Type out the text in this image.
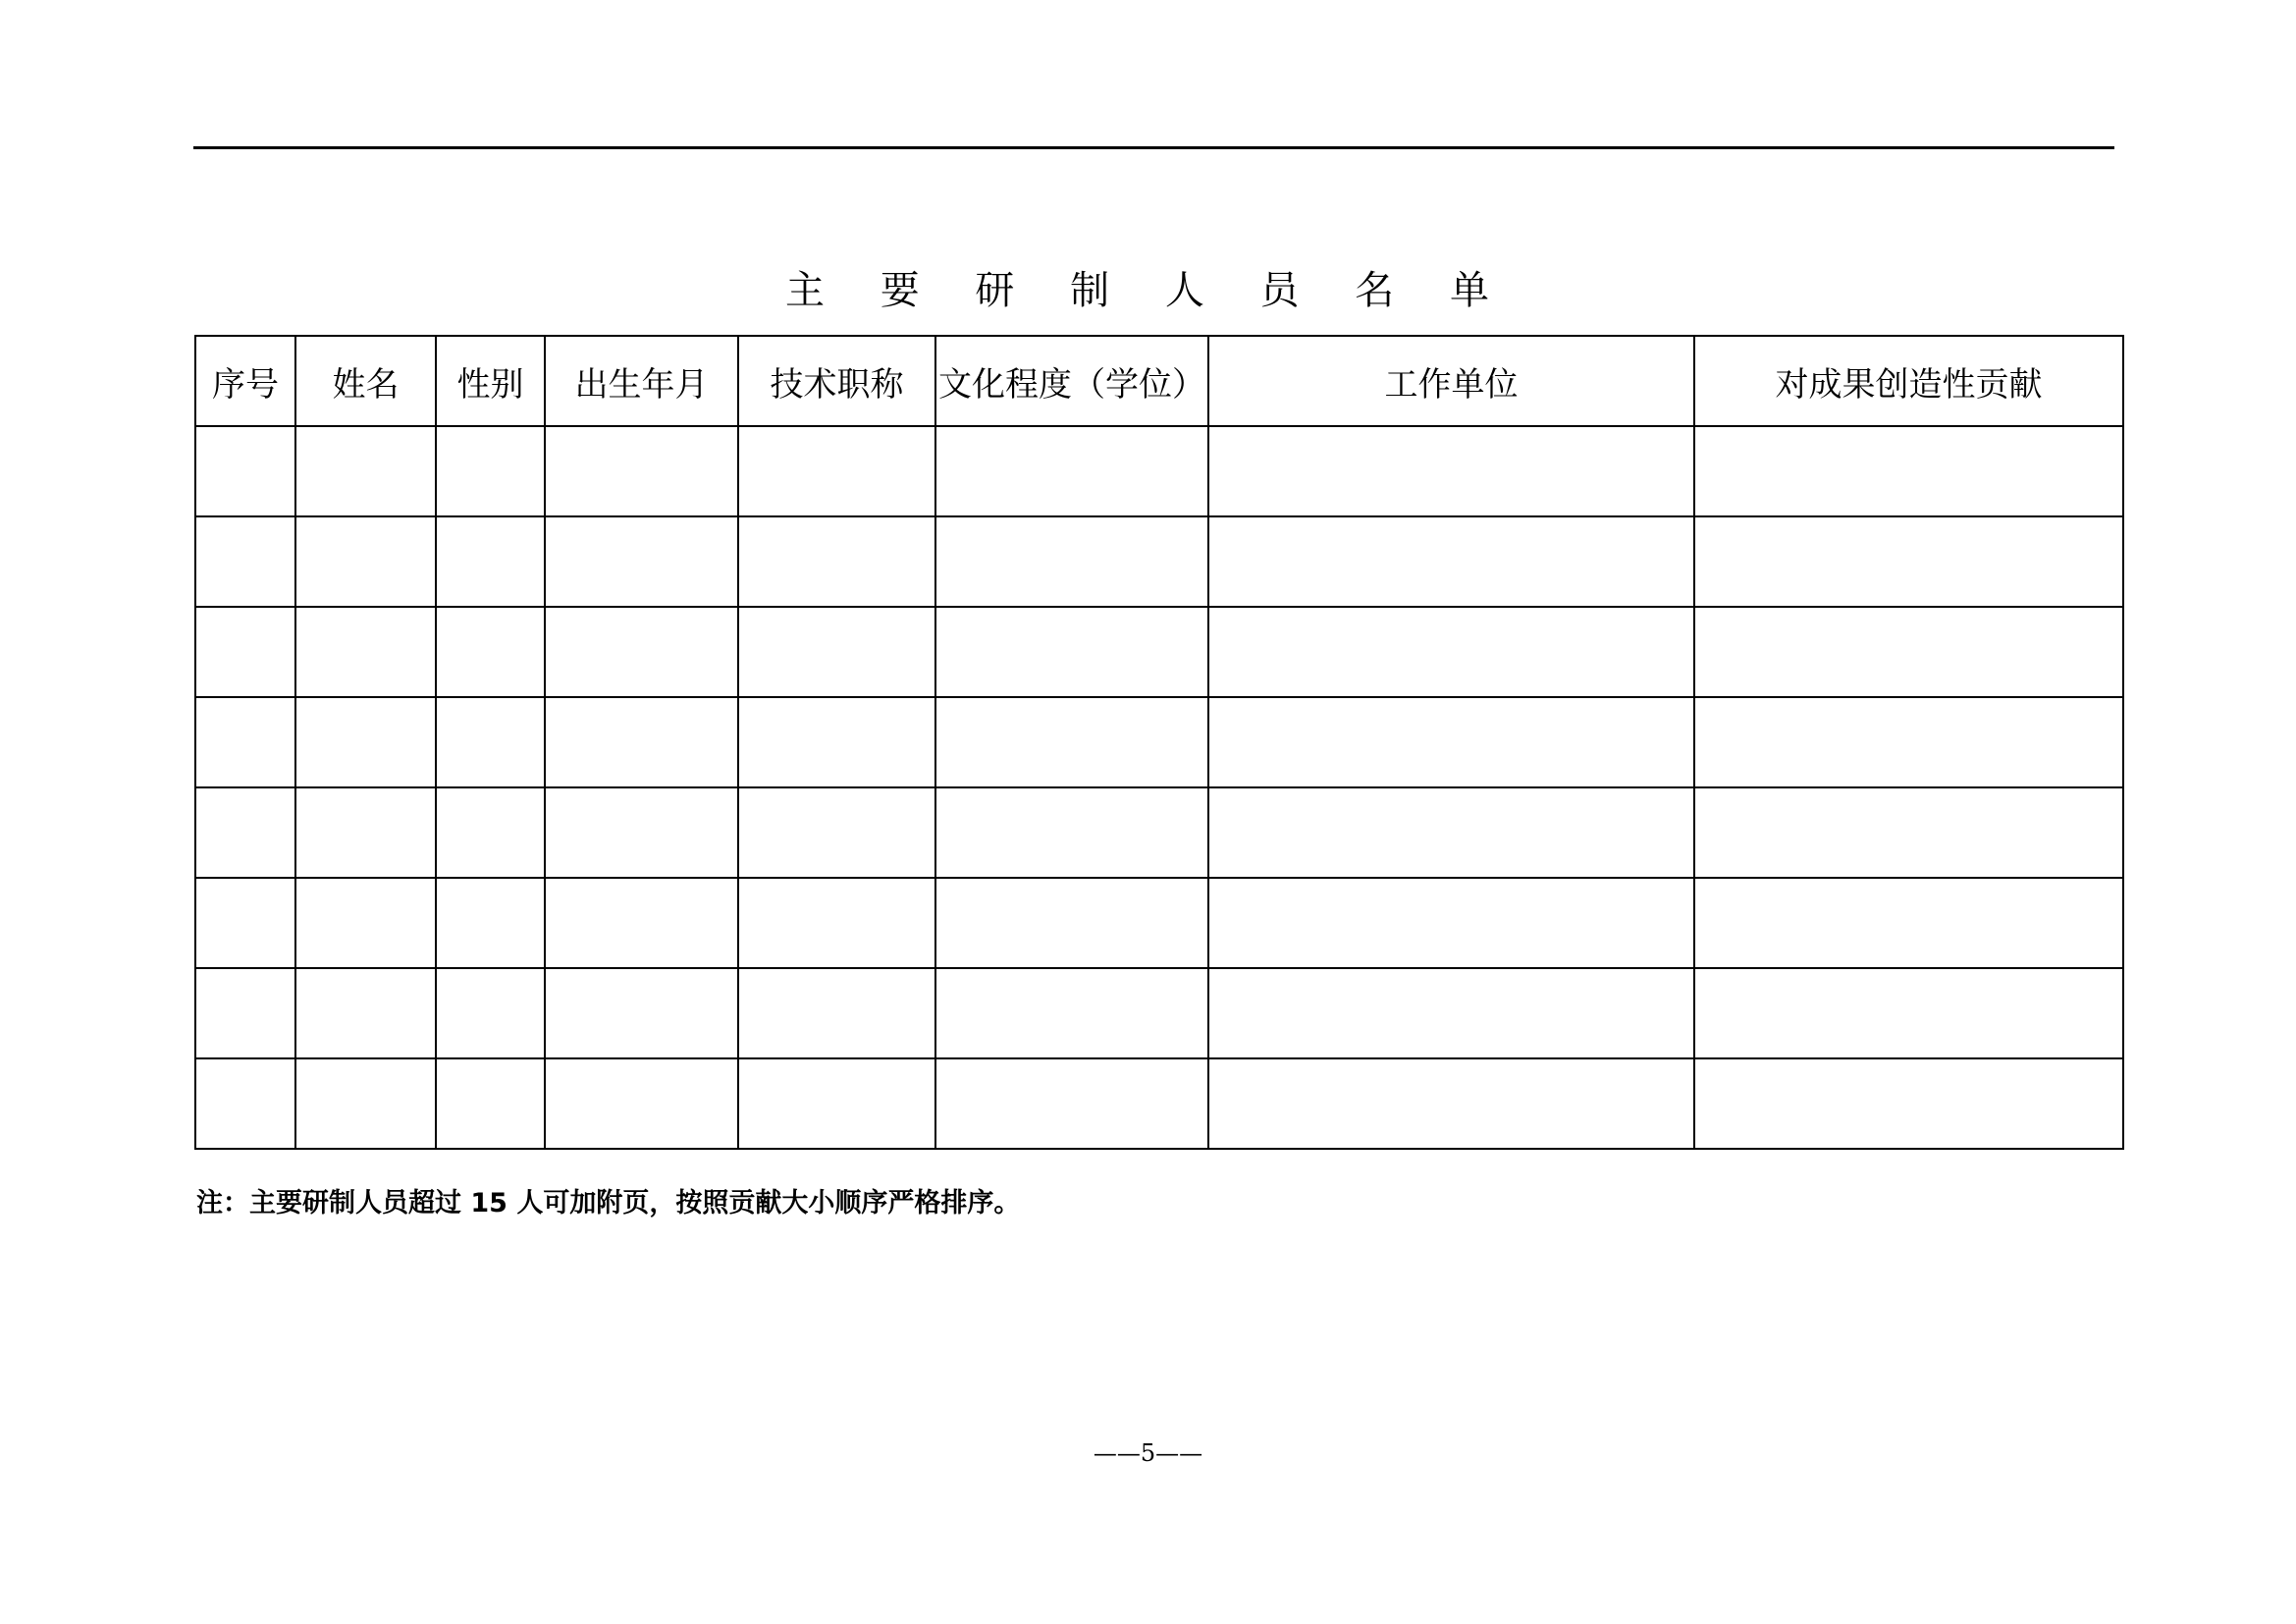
主 要 研 制 人 员 名 单
序号	姓名	性别	出生年月	技术职称	文化程度（学位）	工作单位	对成果创造性贡献

注：主要研制人员超过 15 人可加附页，按照贡献大小顺序严格排序。
——5——
